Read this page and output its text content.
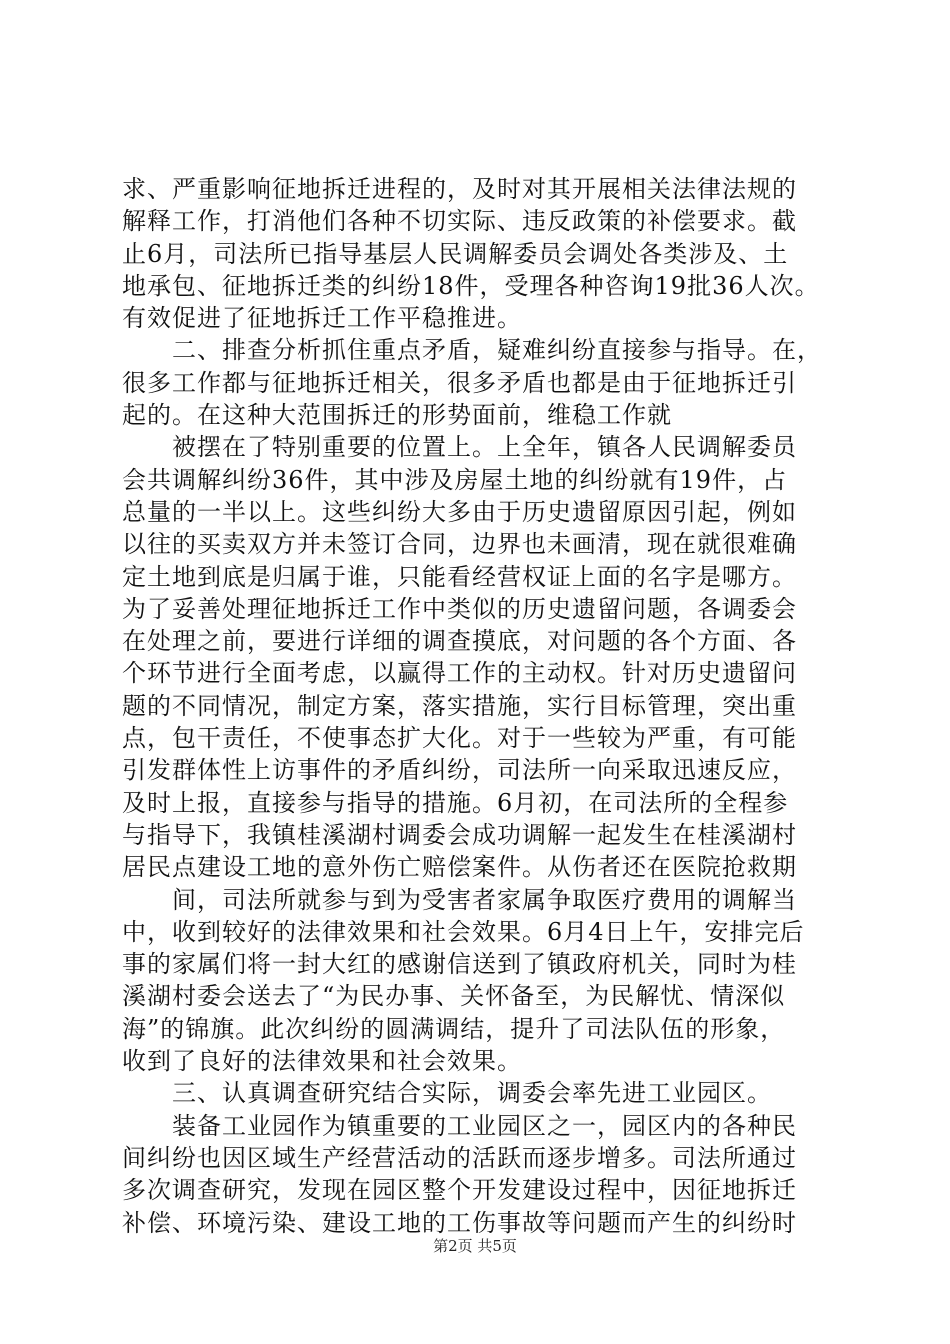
求、严重影响征地拆迁进程的，及时对其开展相关法律法规的
解释工作，打消他们各种不切实际、违反政策的补偿要求。截
止6月，司法所已指导基层人民调解委员会调处各类涉及、土
地承包、征地拆迁类的纠纷18件，受理各种咨询19批36人次。
有效促进了征地拆迁工作平稳推进。
二、排查分析抓住重点矛盾，疑难纠纷直接参与指导。在，
很多工作都与征地拆迁相关，很多矛盾也都是由于征地拆迁引
起的。在这种大范围拆迁的形势面前，维稳工作就
被摆在了特别重要的位置上。上全年，镇各人民调解委员
会共调解纠纷36件，其中涉及房屋土地的纠纷就有19件，占
总量的一半以上。这些纠纷大多由于历史遗留原因引起，例如
以往的买卖双方并未签订合同，边界也未画清，现在就很难确
定土地到底是归属于谁，只能看经营权证上面的名字是哪方。
为了妥善处理征地拆迁工作中类似的历史遗留问题，各调委会
在处理之前，要进行详细的调查摸底，对问题的各个方面、各
个环节进行全面考虑，以赢得工作的主动权。针对历史遗留问
题的不同情况，制定方案，落实措施，实行目标管理，突出重
点，包干责任，不使事态扩大化。对于一些较为严重，有可能
引发群体性上访事件的矛盾纠纷，司法所一向采取迅速反应，
及时上报，直接参与指导的措施。6月初，在司法所的全程参
与指导下，我镇桂溪湖村调委会成功调解一起发生在桂溪湖村
居民点建设工地的意外伤亡赔偿案件。从伤者还在医院抢救期
间，司法所就参与到为受害者家属争取医疗费用的调解当
中，收到较好的法律效果和社会效果。6月4日上午，安排完后
事的家属们将一封大红的感谢信送到了镇政府机关，同时为桂
溪湖村委会送去了“为民办事、关怀备至，为民解忧、情深似
海”的锦旗。此次纠纷的圆满调结，提升了司法队伍的形象，
收到了良好的法律效果和社会效果。
三、认真调查研究结合实际，调委会率先进工业园区。
装备工业园作为镇重要的工业园区之一，园区内的各种民
间纠纷也因区域生产经营活动的活跃而逐步增多。司法所通过
多次调查研究，发现在园区整个开发建设过程中，因征地拆迁
补偿、环境污染、建设工地的工伤事故等问题而产生的纠纷时
第2页 共5页
